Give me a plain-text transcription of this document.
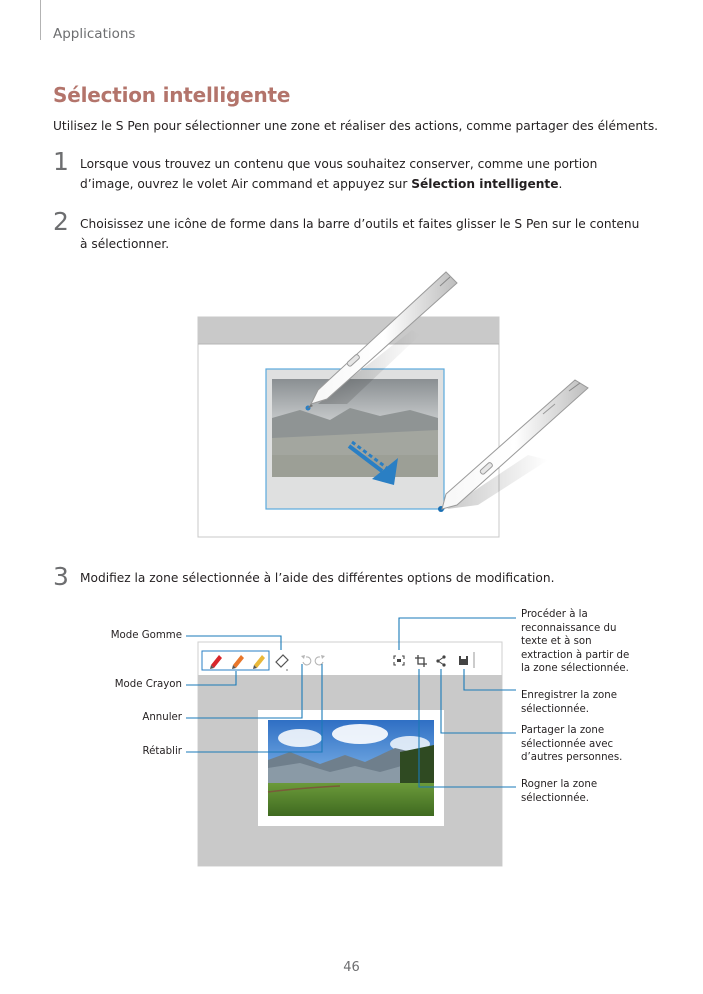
Applications
Sélection intelligente
Utilisez le S Pen pour sélectionner une zone et réaliser des actions, comme partager des éléments.
1 Lorsque vous trouvez un contenu que vous souhaitez conserver, comme une portion d’image, ouvrez le volet Air command et appuyez sur Sélection intelligente.
2 Choisissez une icône de forme dans la barre d’outils et faites glisser le S Pen sur le contenu à sélectionner.
3 Modifiez la zone sélectionnée à l’aide des différentes options de modification.
Mode Gomme
Mode Crayon
Annuler
Rétablir
Procéder à la reconnaissance du texte et à son extraction à partir de la zone sélectionnée.
Enregistrer la zone sélectionnée.
Partager la zone sélectionnée avec d’autres personnes.
Rogner la zone sélectionnée.
46
